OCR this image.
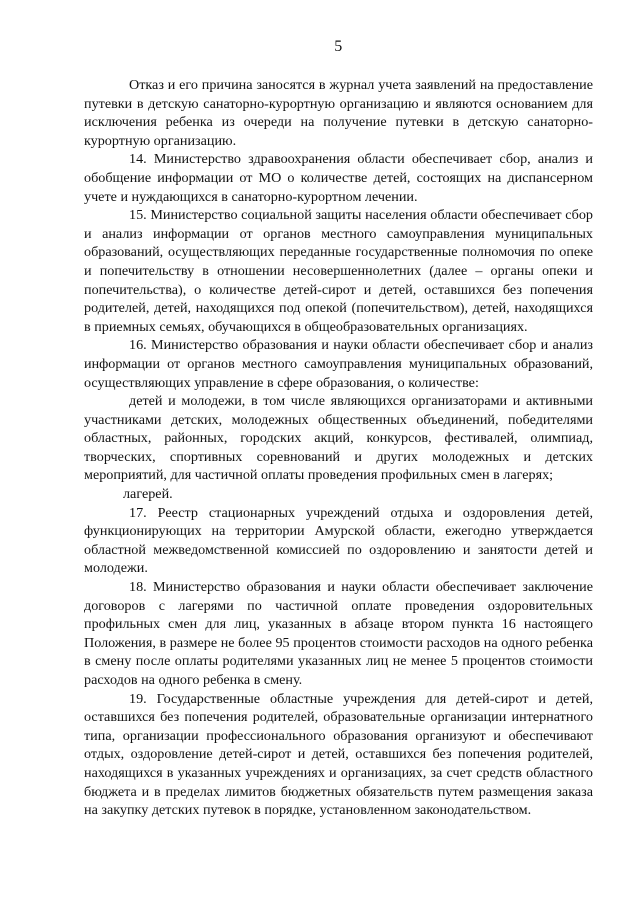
5

Отказ и его причина заносятся в журнал учета заявлений на предоставление путевки в детскую санаторно-курортную организацию и являются основанием для исключения ребенка из очереди на получение путевки в детскую санаторно-курортную организацию.

14. Министерство здравоохранения области обеспечивает сбор, анализ и обобщение информации от МО о количестве детей, состоящих на диспансерном учете и нуждающихся в санаторно-курортном лечении.

15. Министерство социальной защиты населения области обеспечивает сбор и анализ информации от органов местного самоуправления муниципальных образований, осуществляющих переданные государственные полномочия по опеке и попечительству в отношении несовершеннолетних (далее – органы опеки и попечительства), о количестве детей-сирот и детей, оставшихся без попечения родителей, детей, находящихся под опекой (попечительством), детей, находящихся в приемных семьях, обучающихся в общеобразовательных организациях.

16. Министерство образования и науки области обеспечивает сбор и анализ информации от органов местного самоуправления муниципальных образований, осуществляющих управление в сфере образования, о количестве:

детей и молодежи, в том числе являющихся организаторами и активными участниками детских, молодежных общественных объединений, победителями областных, районных, городских акций, конкурсов, фестивалей, олимпиад, творческих, спортивных соревнований и других молодежных и детских мероприятий, для частичной оплаты проведения профильных смен в лагерях;

лагерей.

17. Реестр стационарных учреждений отдыха и оздоровления детей, функционирующих на территории Амурской области, ежегодно утверждается областной межведомственной комиссией по оздоровлению и занятости детей и молодежи.

18. Министерство образования и науки области обеспечивает заключение договоров с лагерями по частичной оплате проведения оздоровительных профильных смен для лиц, указанных в абзаце втором пункта 16 настоящего Положения, в размере не более 95 процентов стоимости расходов на одного ребенка в смену после оплаты родителями указанных лиц не менее 5 процентов стоимости расходов на одного ребенка в смену.

19. Государственные областные учреждения для детей-сирот и детей, оставшихся без попечения родителей, образовательные организации интернатного типа, организации профессионального образования организуют и обеспечивают отдых, оздоровление детей-сирот и детей, оставшихся без попечения родителей, находящихся в указанных учреждениях и организациях, за счет средств областного бюджета и в пределах лимитов бюджетных обязательств путем размещения заказа на закупку детских путевок в порядке, установленном законодательством.
